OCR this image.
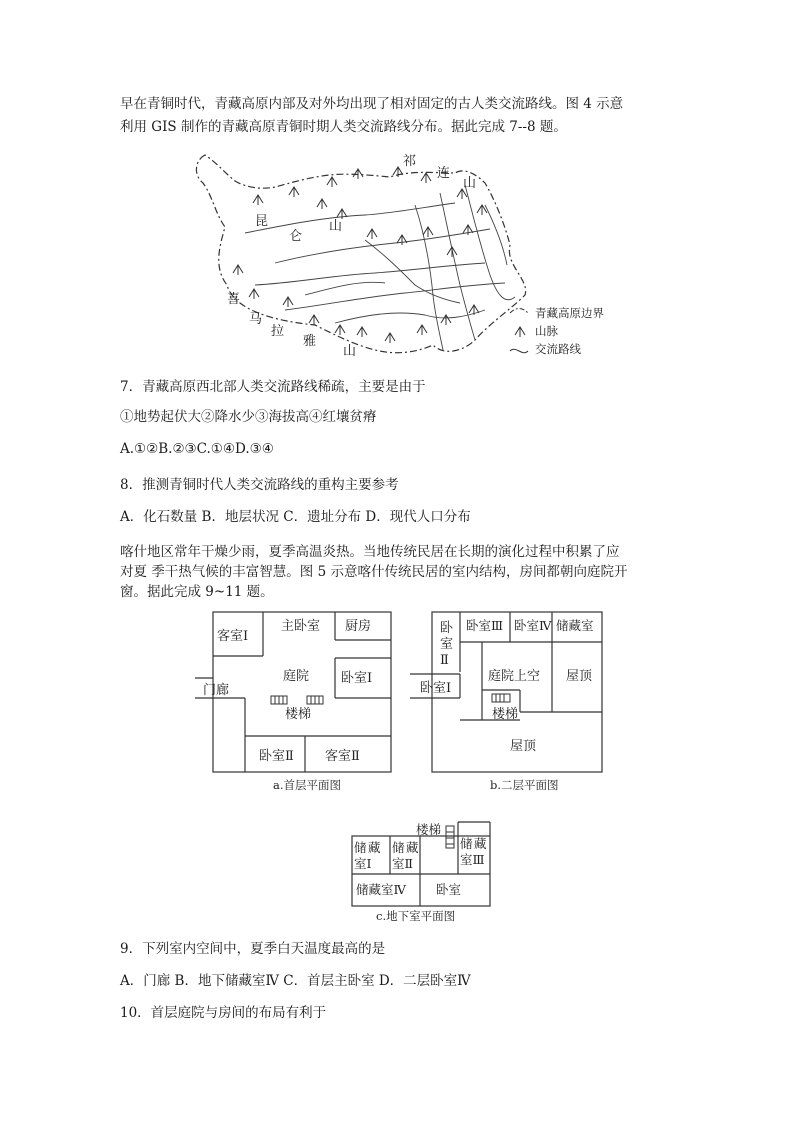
早在青铜时代，青藏高原内部及对外均出现了相对固定的古人类交流路线。图 4 示意
利用 GIS 制作的青藏高原青铜时期人类交流路线分布。据此完成 7--8 题。
昆
仑
山
祁
连
山
喜
马
拉
雅
山
青藏高原边界
山脉
交流路线
7．青藏高原西北部人类交流路线稀疏，主要是由于
①地势起伏大②降水少③海拔高④红壤贫瘠
A.①②B.②③C.①④D.③④
8．推测青铜时代人类交流路线的重构主要参考
A．化石数量 B．地层状况 C．遗址分布 D．现代人口分布
喀什地区常年干燥少雨，夏季高温炎热。当地传统民居在长期的演化过程中积累了应
对夏 季干热气候的丰富智慧。图 5 示意喀什传统民居的室内结构，房间都朝向庭院开
窗。据此完成 9~11 题。
客室Ⅰ
主卧室 厨房
庭院 卧室Ⅰ
门廊
楼梯
卧室Ⅱ 客室Ⅱ
a.首层平面图
卧
室
Ⅱ
卧室Ⅲ 卧室Ⅳ 储藏室
庭院上空 屋顶
卧室Ⅰ
楼梯
屋顶
b.二层平面图
楼梯
储 藏
室Ⅰ
储 藏
室Ⅱ
储 藏
室Ⅲ
储藏室Ⅳ 卧室
c.地下室平面图
9．下列室内空间中，夏季白天温度最高的是
A．门廊 B．地下储藏室Ⅳ C．首层主卧室 D．二层卧室Ⅳ
10．首层庭院与房间的布局有利于
